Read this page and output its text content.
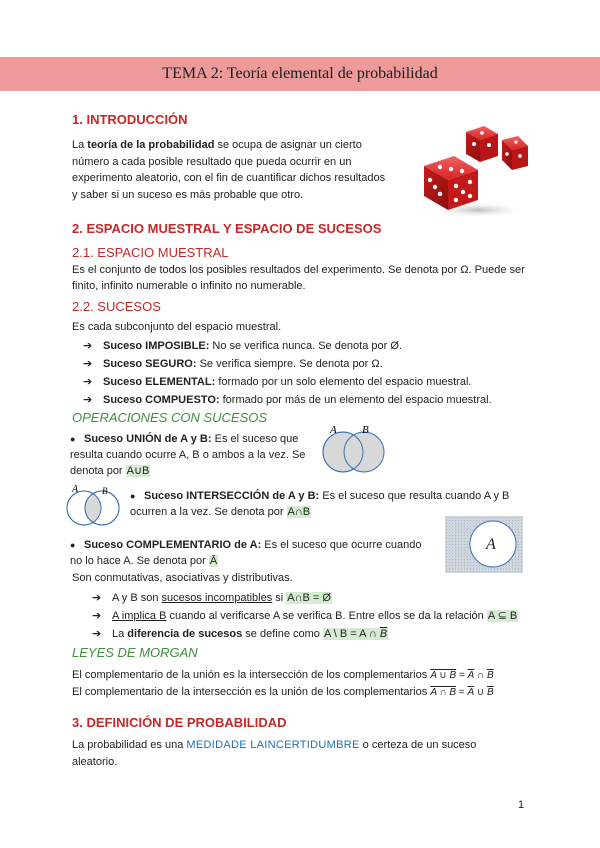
TEMA 2: Teoría elemental de probabilidad
1. INTRODUCCIÓN
La teoría de la probabilidad se ocupa de asignar un cierto número a cada posible resultado que pueda ocurrir en un experimento aleatorio, con el fin de cuantificar dichos resultados y saber si un suceso es más probable que otro.
2. ESPACIO MUESTRAL Y ESPACIO DE SUCESOS
2.1. ESPACIO MUESTRAL
Es el conjunto de todos los posibles resultados del experimento. Se denota por Ω. Puede ser finito, infinito numerable o infinito no numerable.
2.2. SUCESOS
Es cada subconjunto del espacio muestral.
➔ Suceso IMPOSIBLE: No se verifica nunca. Se denota por Ø.
➔ Suceso SEGURO: Se verifica siempre. Se denota por Ω.
➔ Suceso ELEMENTAL: formado por un solo elemento del espacio muestral.
➔ Suceso COMPUESTO: formado por más de un elemento del espacio muestral.
OPERACIONES CON SUCESOS
● Suceso UNIÓN de A y B: Es el suceso que resulta cuando ocurre A, B o ambos a la vez. Se denota por A∪B
A B
A	B	● Suceso INTERSECCIÓN de A y B: Es el suceso que resulta cuando A y B ocurren a la vez. Se denota por A∩B
● Suceso COMPLEMENTARIO de A: Es el suceso que ocurre cuando no lo hace A. Se denota por Ā
A
Son conmutativas, asociativas y distributivas.
➔ A y B son sucesos incompatibles si A∩B = Ø
➔ A implica B cuando al verificarse A se verifica B. Entre ellos se da la relación A ⊆ B
➔ La diferencia de sucesos se define como A \ B = A ∩ $\overline{B}$
LEYES DE MORGAN
El complementario de la unión es la intersección de los complementarios A ∪ $B = \overline{A}$ ∩ $\overline{B}$
El complementario de la intersección es la unión de los complementarios A ∩ $B = \overline{A}$ ∪ $\overline{B}$
3. DEFINICIÓN DE PROBABILIDAD
La probabilidad es una MEDIDADE LAINCERTIDUMBRE o certeza de un suceso aleatorio.
1
